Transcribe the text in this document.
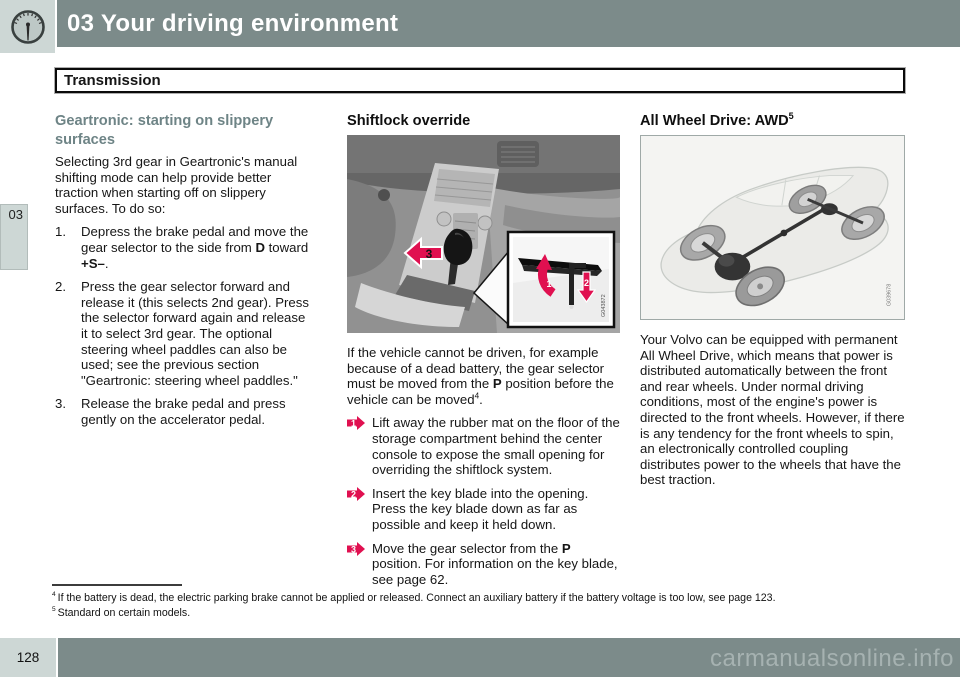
03 Your driving environment
Transmission
03
Geartronic: starting on slippery surfaces

Selecting 3rd gear in Geartronic's manual shifting mode can help provide better traction when starting off on slippery surfaces. To do so:

1.	Depress the brake pedal and move the gear selector to the side from D toward +S–.
2.	Press the gear selector forward and release it (this selects 2nd gear). Press the selector forward again and release it to select 3rd gear. The optional steering wheel paddles can also be used; see the previous section "Geartronic: steering wheel paddles."
3.	Release the brake pedal and press gently on the accelerator pedal.
Shiftlock override
3
1	2
G043872

If the vehicle cannot be driven, for example because of a dead battery, the gear selector must be moved from the P position before the vehicle can be moved$^4$.

1 Lift away the rubber mat on the floor of the storage compartment behind the center console to expose the small opening for overriding the shiftlock system.
2 Insert the key blade into the opening. Press the key blade down as far as possible and keep it held down.
3 Move the gear selector from the P position. For information on the key blade, see page 62.
All Wheel Drive: AWD$^5$
G039678

Your Volvo can be equipped with permanent All Wheel Drive, which means that power is distributed automatically between the front and rear wheels. Under normal driving conditions, most of the engine's power is directed to the front wheels. However, if there is any tendency for the front wheels to spin, an electronically controlled coupling distributes power to the wheels that have the best traction.

$^4$ If the battery is dead, the electric parking brake cannot be applied or released. Connect an auxiliary battery if the battery voltage is too low, see page 123.
$^5$ Standard on certain models.
128	carmanualsonline.info
